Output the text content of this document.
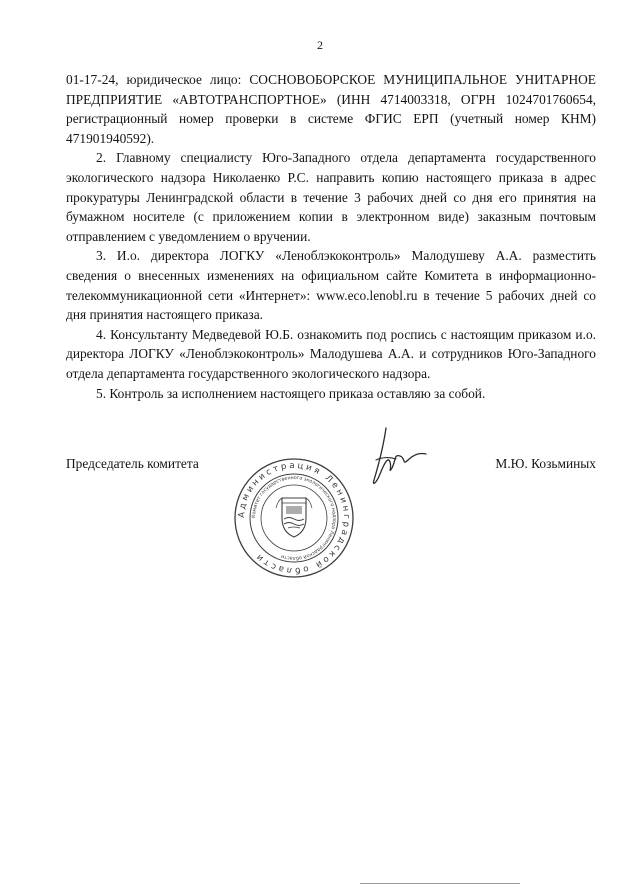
2

01-17-24, юридическое лицо: СОСНОВОБОРСКОЕ МУНИЦИПАЛЬНОЕ УНИТАРНОЕ ПРЕДПРИЯТИЕ «АВТОТРАНСПОРТНОЕ» (ИНН 4714003318, ОГРН 1024701760654, регистрационный номер проверки в системе ФГИС ЕРП (учетный номер КНМ) 471901940592).

2. Главному специалисту Юго-Западного отдела департамента государственного экологического надзора Николаенко Р.С. направить копию настоящего приказа в адрес прокуратуры Ленинградской области в течение 3 рабочих дней со дня его принятия на бумажном носителе (с приложением копии в электронном виде) заказным почтовым отправлением с уведомлением о вручении.

3. И.о. директора ЛОГКУ «Леноблэкоконтроль» Малодушеву А.А. разместить сведения о внесенных изменениях на официальном сайте Комитета в информационно-телекоммуникационной сети «Интернет»: www.eco.lenobl.ru в течение 5 рабочих дней со дня принятия настоящего приказа.

4. Консультанту Медведевой Ю.Б. ознакомить под роспись с настоящим приказом и.о. директора ЛОГКУ «Леноблэкоконтроль» Малодушева А.А. и сотрудников Юго-Западного отдела департамента государственного экологического надзора.

5. Контроль за исполнением настоящего приказа оставляю за собой.

Председатель комитета
Администрация Ленинградской области
Комитет государственного экологического надзора Ленинградской области
М.Ю. Козьминых
